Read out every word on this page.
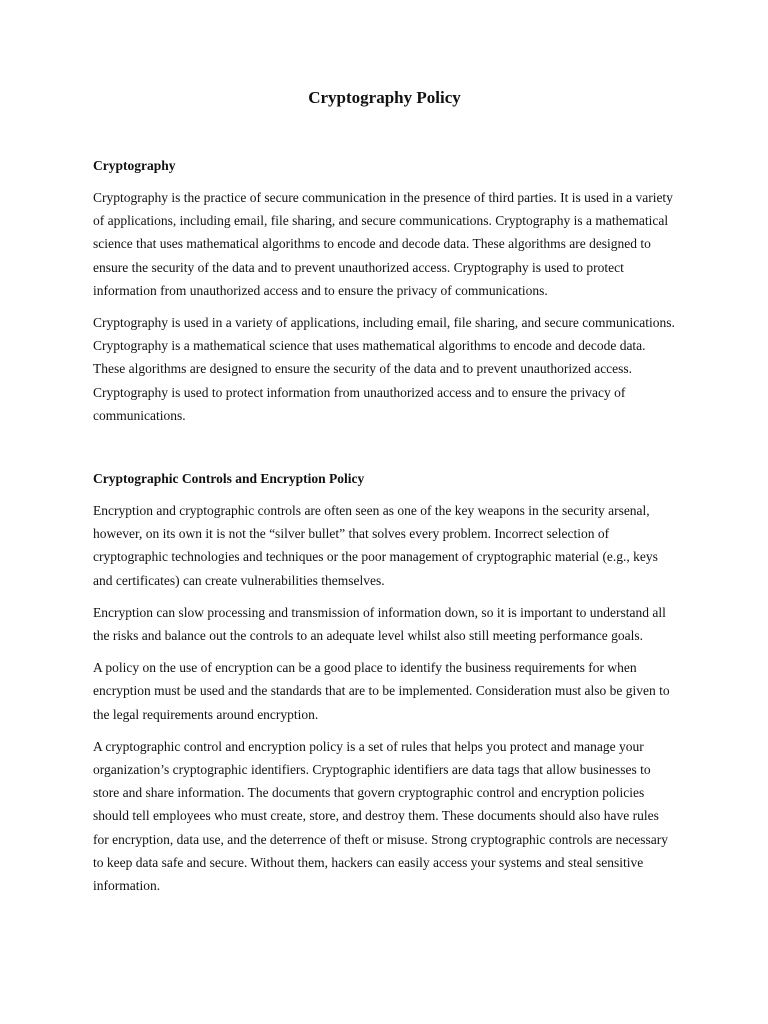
Cryptography Policy
Cryptography

Cryptography is the practice of secure communication in the presence of third parties. It is used in a variety of applications, including email, file sharing, and secure communications. Cryptography is a mathematical science that uses mathematical algorithms to encode and decode data. These algorithms are designed to ensure the security of the data and to prevent unauthorized access. Cryptography is used to protect information from unauthorized access and to ensure the privacy of communications.

Cryptography is used in a variety of applications, including email, file sharing, and secure communications. Cryptography is a mathematical science that uses mathematical algorithms to encode and decode data. These algorithms are designed to ensure the security of the data and to prevent unauthorized access. Cryptography is used to protect information from unauthorized access and to ensure the privacy of communications.

Cryptographic Controls and Encryption Policy

Encryption and cryptographic controls are often seen as one of the key weapons in the security arsenal, however, on its own it is not the “silver bullet” that solves every problem. Incorrect selection of cryptographic technologies and techniques or the poor management of cryptographic material (e.g., keys and certificates) can create vulnerabilities themselves.

Encryption can slow processing and transmission of information down, so it is important to understand all the risks and balance out the controls to an adequate level whilst also still meeting performance goals.

A policy on the use of encryption can be a good place to identify the business requirements for when encryption must be used and the standards that are to be implemented. Consideration must also be given to the legal requirements around encryption.

A cryptographic control and encryption policy is a set of rules that helps you protect and manage your organization’s cryptographic identifiers. Cryptographic identifiers are data tags that allow businesses to store and share information. The documents that govern cryptographic control and encryption policies should tell employees who must create, store, and destroy them. These documents should also have rules for encryption, data use, and the deterrence of theft or misuse. Strong cryptographic controls are necessary to keep data safe and secure. Without them, hackers can easily access your systems and steal sensitive information.
